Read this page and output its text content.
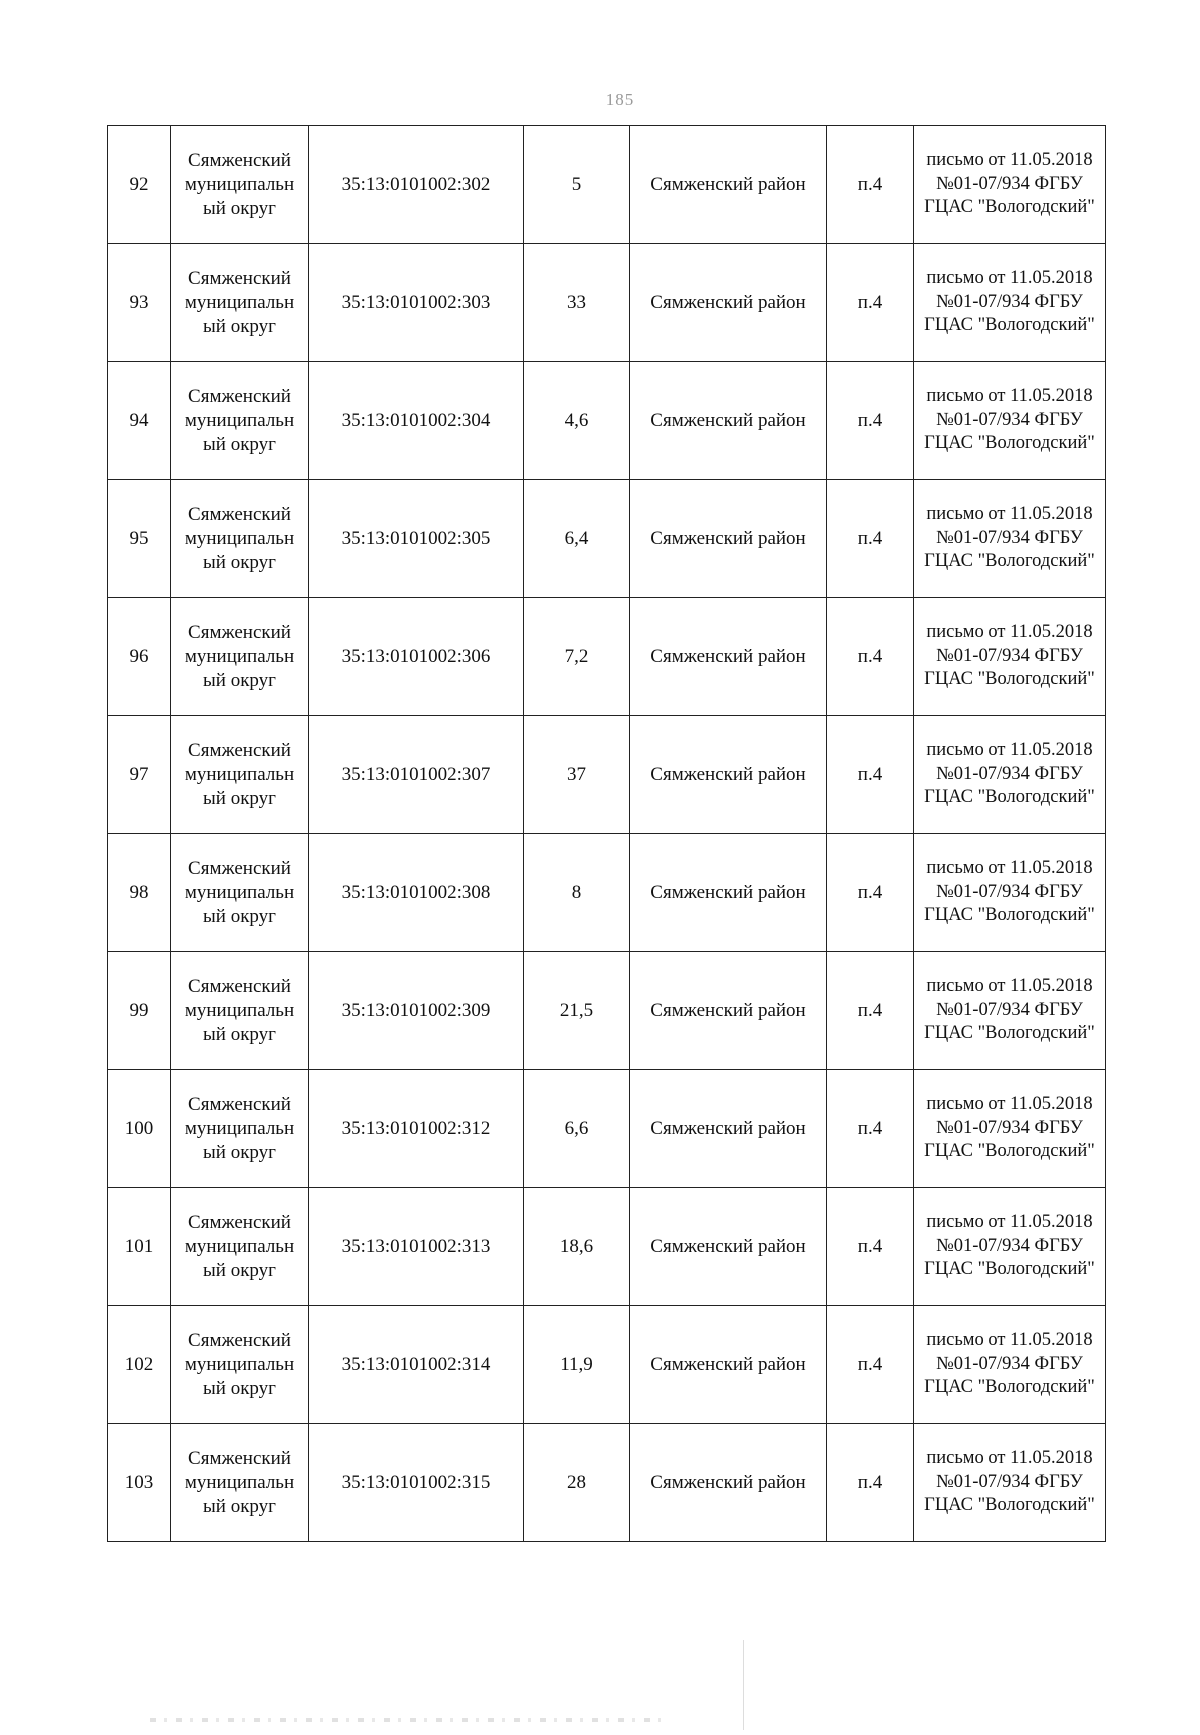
185
92	Сямженский муниципальн ый округ	35:13:0101002:302	5	Сямженский район	п.4	письмо от 11.05.2018 №01-07/934 ФГБУ ГЦАС "Вологодский"
93	Сямженский муниципальн ый округ	35:13:0101002:303	33	Сямженский район	п.4	письмо от 11.05.2018 №01-07/934 ФГБУ ГЦАС "Вологодский"
94	Сямженский муниципальн ый округ	35:13:0101002:304	4,6	Сямженский район	п.4	письмо от 11.05.2018 №01-07/934 ФГБУ ГЦАС "Вологодский"
95	Сямженский муниципальн ый округ	35:13:0101002:305	6,4	Сямженский район	п.4	письмо от 11.05.2018 №01-07/934 ФГБУ ГЦАС "Вологодский"
96	Сямженский муниципальн ый округ	35:13:0101002:306	7,2	Сямженский район	п.4	письмо от 11.05.2018 №01-07/934 ФГБУ ГЦАС "Вологодский"
97	Сямженский муниципальн ый округ	35:13:0101002:307	37	Сямженский район	п.4	письмо от 11.05.2018 №01-07/934 ФГБУ ГЦАС "Вологодский"
98	Сямженский муниципальн ый округ	35:13:0101002:308	8	Сямженский район	п.4	письмо от 11.05.2018 №01-07/934 ФГБУ ГЦАС "Вологодский"
99	Сямженский муниципальн ый округ	35:13:0101002:309	21,5	Сямженский район	п.4	письмо от 11.05.2018 №01-07/934 ФГБУ ГЦАС "Вологодский"
100	Сямженский муниципальн ый округ	35:13:0101002:312	6,6	Сямженский район	п.4	письмо от 11.05.2018 №01-07/934 ФГБУ ГЦАС "Вологодский"
101	Сямженский муниципальн ый округ	35:13:0101002:313	18,6	Сямженский район	п.4	письмо от 11.05.2018 №01-07/934 ФГБУ ГЦАС "Вологодский"
102	Сямженский муниципальн ый округ	35:13:0101002:314	11,9	Сямженский район	п.4	письмо от 11.05.2018 №01-07/934 ФГБУ ГЦАС "Вологодский"
103	Сямженский муниципальн ый округ	35:13:0101002:315	28	Сямженский район	п.4	письмо от 11.05.2018 №01-07/934 ФГБУ ГЦАС "Вологодский"
